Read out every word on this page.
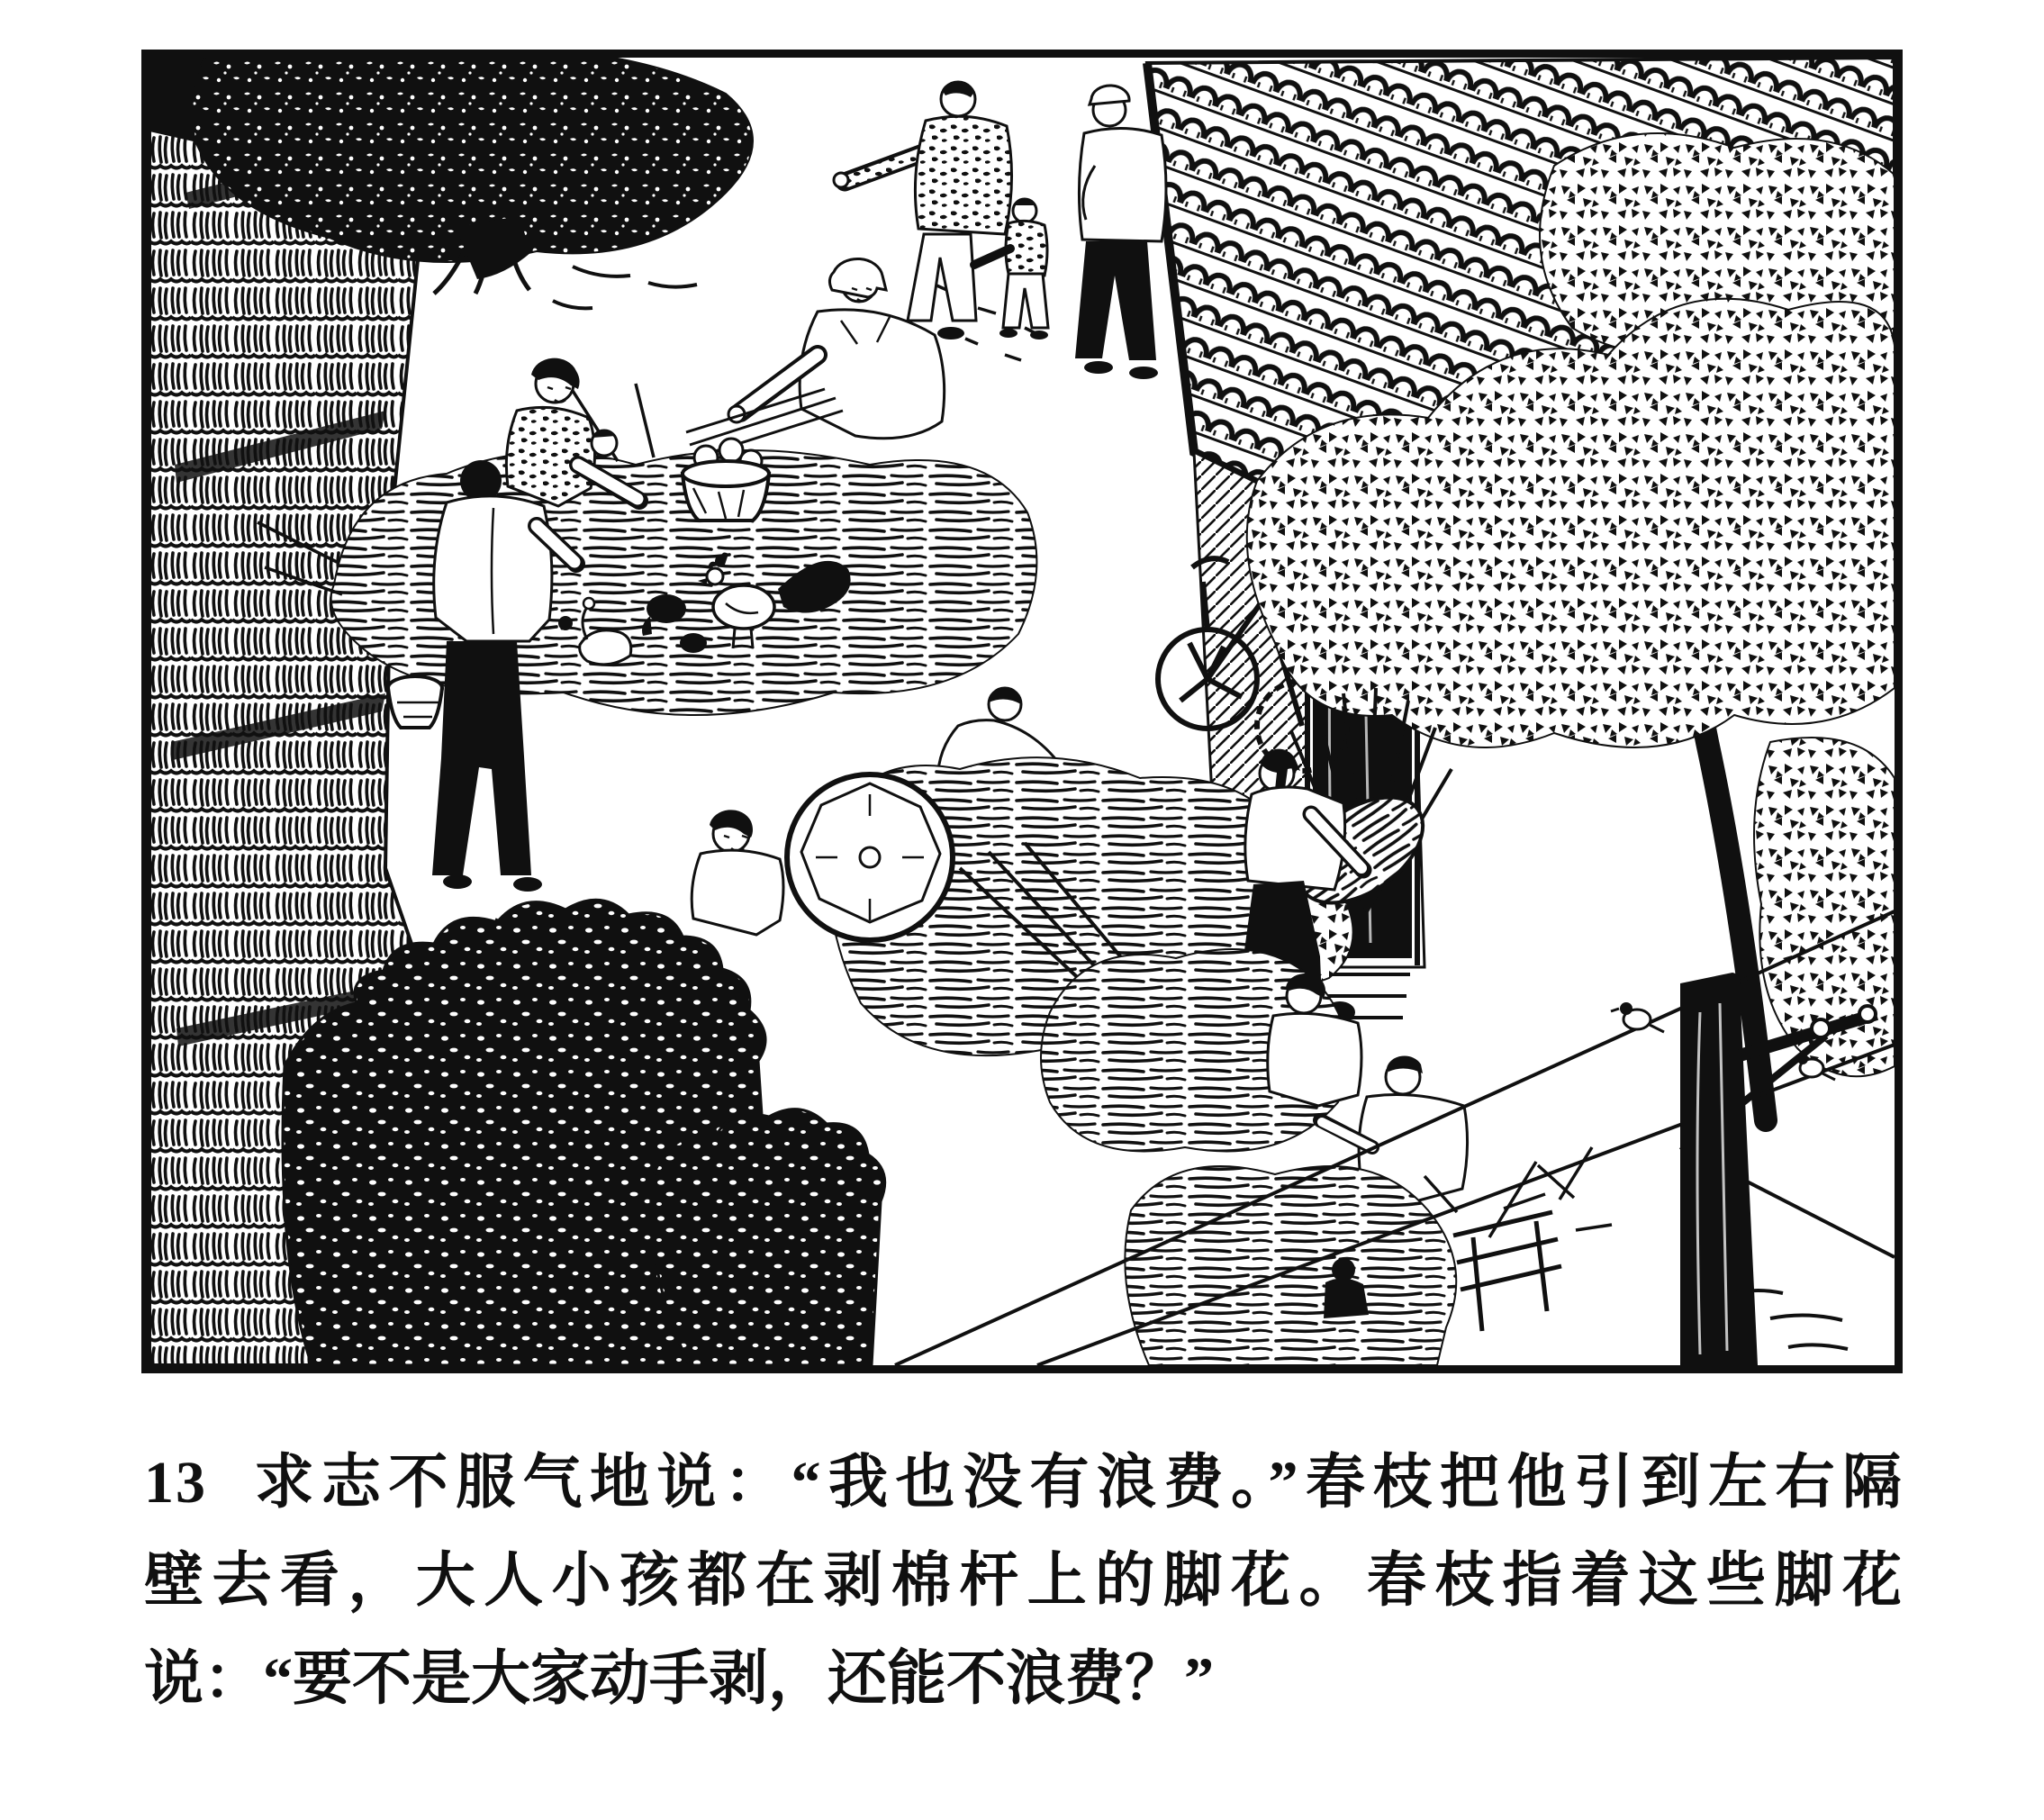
13 求志不服气地说：“我也没有浪费。”春枝把他引到左右隔

壁去看，大人小孩都在剥棉杆上的脚花。春枝指着这些脚花

说：“要不是大家动手剥，还能不浪费？”
